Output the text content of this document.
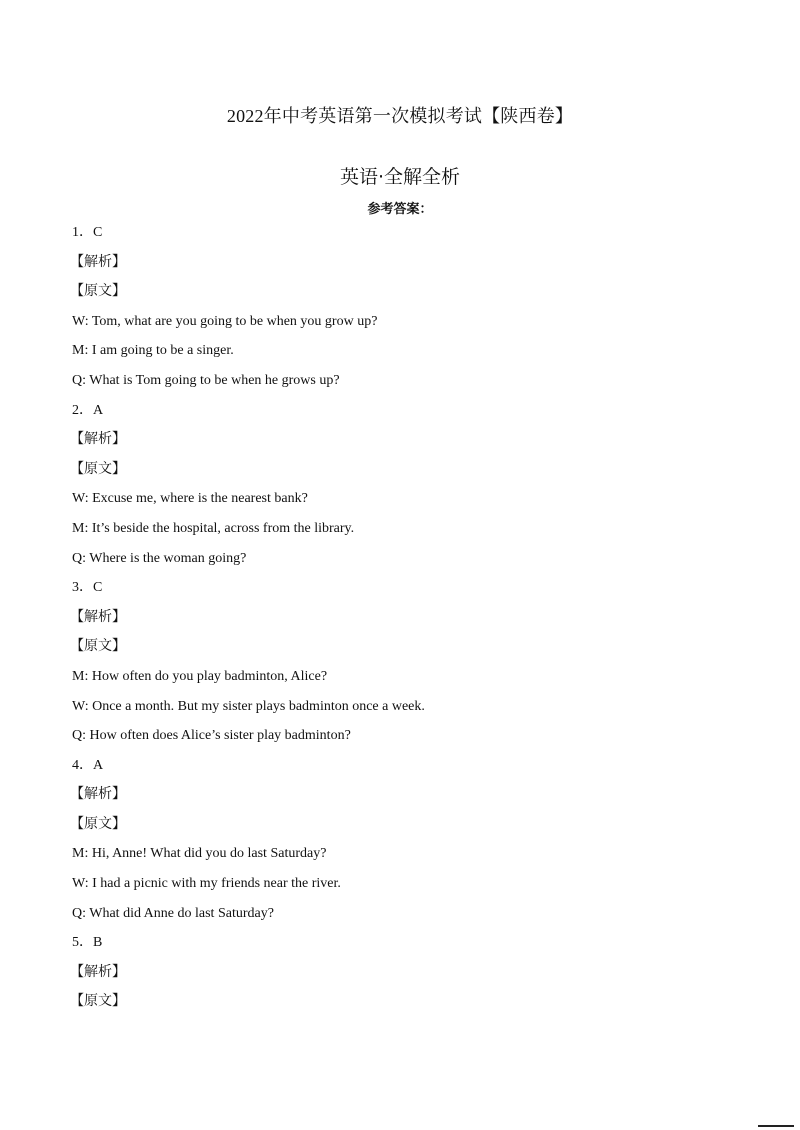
2022年中考英语第一次模拟考试【陕西卷】
英语·全解全析
参考答案：
1．C
【解析】
【原文】
W: Tom, what are you going to be when you grow up?
M: I am going to be a singer.
Q: What is Tom going to be when he grows up?
2．A
【解析】
【原文】
W: Excuse me, where is the nearest bank?
M: It’s beside the hospital, across from the library.
Q: Where is the woman going?
3．C
【解析】
【原文】
M: How often do you play badminton, Alice?
W: Once a month. But my sister plays badminton once a week.
Q: How often does Alice’s sister play badminton?
4．A
【解析】
【原文】
M: Hi, Anne! What did you do last Saturday?
W: I had a picnic with my friends near the river.
Q: What did Anne do last Saturday?
5．B
【解析】
【原文】
